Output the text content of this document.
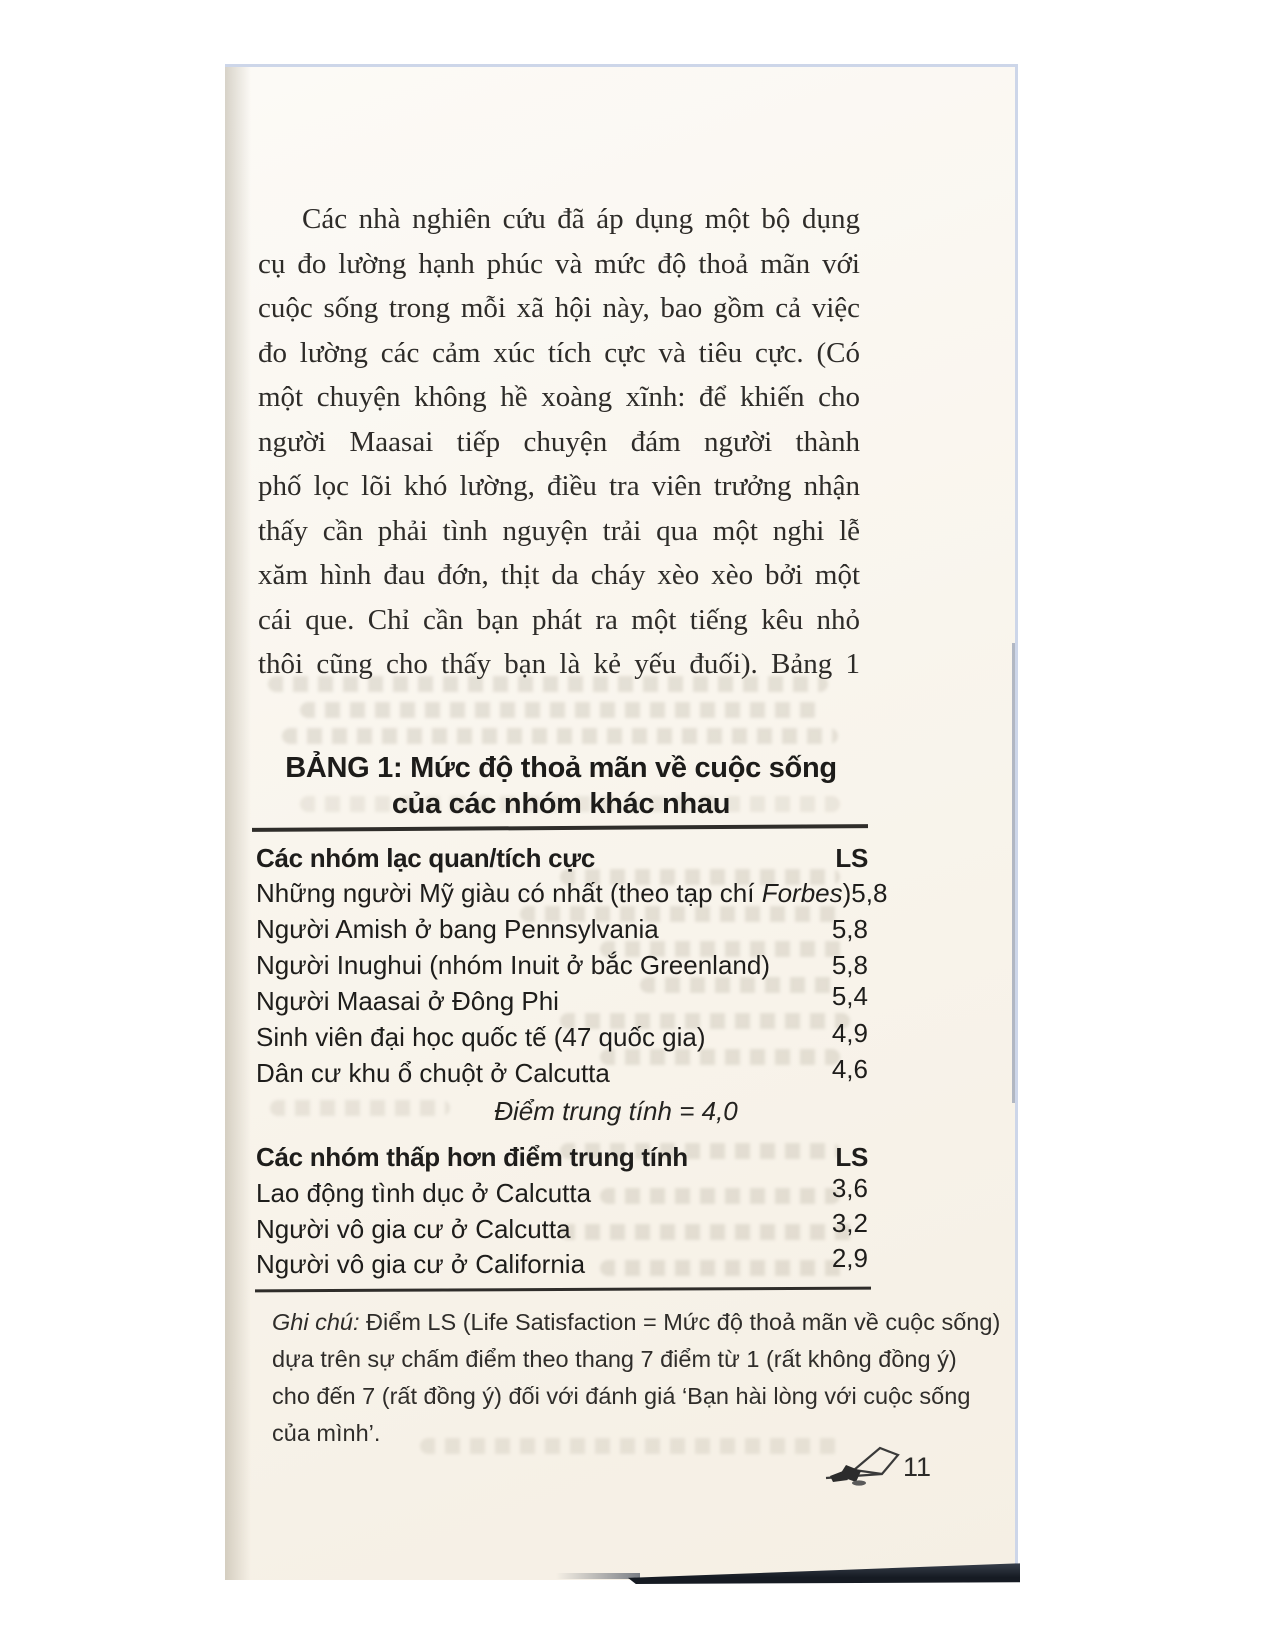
Các nhà nghiên cứu đã áp dụng một bộ dụng
cụ đo lường hạnh phúc và mức độ thoả mãn với
cuộc sống trong mỗi xã hội này, bao gồm cả việc
đo lường các cảm xúc tích cực và tiêu cực. (Có
một chuyện không hề xoàng xĩnh: để khiến cho
người Maasai tiếp chuyện đám người thành
phố lọc lõi khó lường, điều tra viên trưởng nhận
thấy cần phải tình nguyện trải qua một nghi lễ
xăm hình đau đớn, thịt da cháy xèo xèo bởi một
cái que. Chỉ cần bạn phát ra một tiếng kêu nhỏ
thôi cũng cho thấy bạn là kẻ yếu đuối). Bảng 1
BẢNG 1: Mức độ thoả mãn về cuộc sống
của các nhóm khác nhau
Các nhóm lạc quan/tích cực	LS
Những người Mỹ giàu có nhất (theo tạp chí Forbes) 5,8
Người Amish ở bang Pennsylvania	5,8
Người Inughui (nhóm Inuit ở bắc Greenland) 5,8
Người Maasai ở Đông Phi	5,4
Sinh viên đại học quốc tế (47 quốc gia)	4,9
Dân cư khu ổ chuột ở Calcutta	4,6
Điểm trung tính = 4,0
Các nhóm thấp hơn điểm trung tính	LS
Lao động tình dục ở Calcutta	3,6
Người vô gia cư ở Calcutta	3,2
Người vô gia cư ở California	2,9
Ghi chú: Điểm LS (Life Satisfaction = Mức độ thoả mãn về cuộc sống)
dựa trên sự chấm điểm theo thang 7 điểm từ 1 (rất không đồng ý)
cho đến 7 (rất đồng ý) đối với đánh giá ‘Bạn hài lòng với cuộc sống
của mình’.
11
